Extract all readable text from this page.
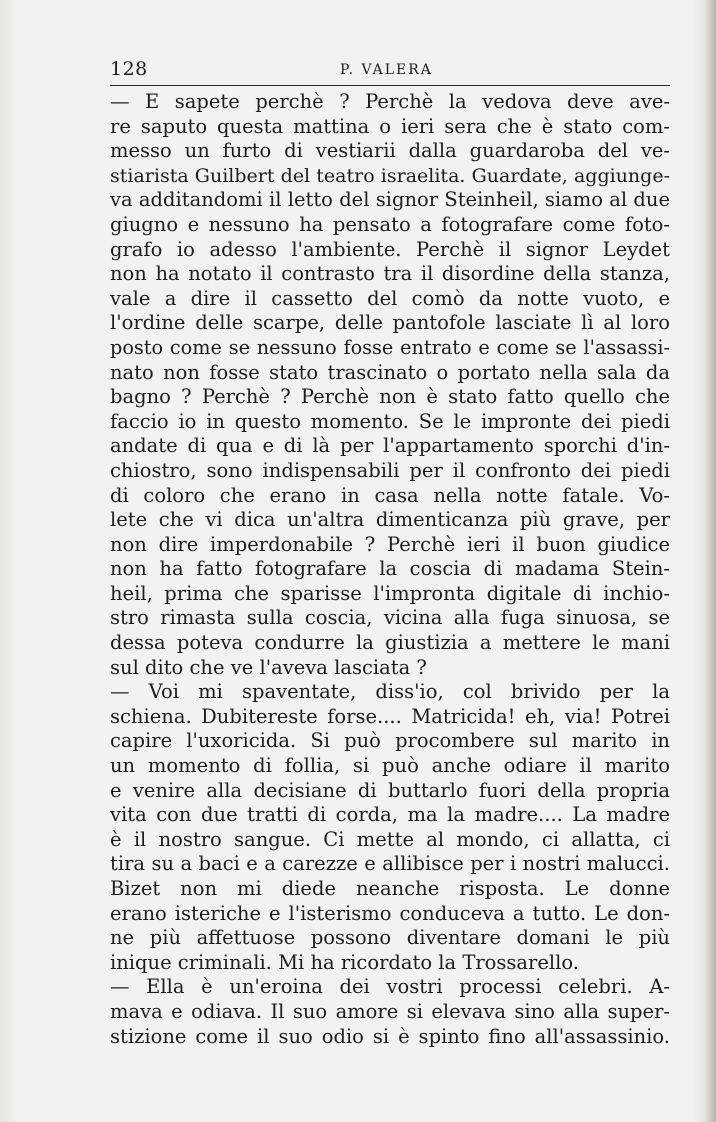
128	P. VALERA
— E sapete perchè ? Perchè la vedova deve ave-
re saputo questa mattina o ieri sera che è stato com-
messo un furto di vestiarii dalla guardaroba del ve-
stiarista Guilbert del teatro israelita. Guardate, aggiunge-
va additandomi il letto del signor Steinheil, siamo al due
giugno e nessuno ha pensato a fotografare come foto-
grafo io adesso l'ambiente. Perchè il signor Leydet
non ha notato il contrasto tra il disordine della stanza,
vale a dire il cassetto del comò da notte vuoto, e
l'ordine delle scarpe, delle pantofole lasciate lì al loro
posto come se nessuno fosse entrato e come se l'assassi-
nato non fosse stato trascinato o portato nella sala da
bagno ? Perchè ? Perchè non è stato fatto quello che
faccio io in questo momento. Se le impronte dei piedi
andate di qua e di là per l'appartamento sporchi d'in-
chiostro, sono indispensabili per il confronto dei piedi
di coloro che erano in casa nella notte fatale. Vo-
lete che vi dica un'altra dimenticanza più grave, per
non dire imperdonabile ? Perchè ieri il buon giudice
non ha fatto fotografare la coscia di madama Stein-
heil, prima che sparisse l'impronta digitale di inchio-
stro rimasta sulla coscia, vicina alla fuga sinuosa, se
dessa poteva condurre la giustizia a mettere le mani
sul dito che ve l'aveva lasciata ?
— Voi mi spaventate, diss'io, col brivido per la
schiena. Dubitereste forse.... Matricida! eh, via! Potrei
capire l'uxoricida. Si può procombere sul marito in
un momento di follia, si può anche odiare il marito
e venire alla decisiane di buttarlo fuori della propria
vita con due tratti di corda, ma la madre.... La madre
è il nostro sangue. Ci mette al mondo, ci allatta, ci
tira su a baci e a carezze e allibisce per i nostri malucci.
Bizet non mi diede neanche risposta. Le donne
erano isteriche e l'isterismo conduceva a tutto. Le don-
ne più affettuose possono diventare domani le più
inique criminali. Mi ha ricordato la Trossarello.
— Ella è un'eroina dei vostri processi celebri. A-
mava e odiava. Il suo amore si elevava sino alla super-
stizione come il suo odio si è spinto fino all'assassinio.
